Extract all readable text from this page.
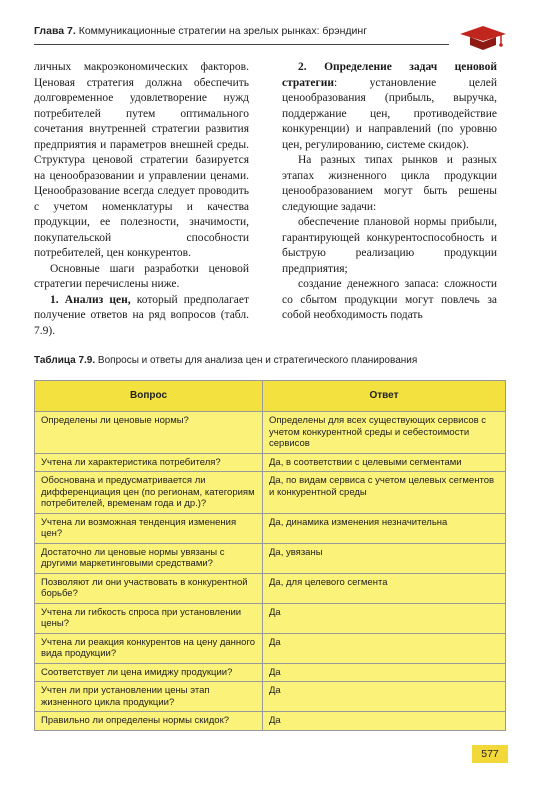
Глава 7. Коммуникационные стратегии на зрелых рынках: брэндинг

личных макроэкономических факторов. Ценовая стратегия должна обеспечить долговременное удовлетворение нужд потребителей путем оптимального сочетания внутренней стратегии развития предприятия и параметров внешней среды. Структура ценовой стратегии базируется на ценообразовании и управлении ценами. Ценообразование всегда следует проводить с учетом номенклатуры и качества продукции, ее полезности, значимости, покупательской способности потребителей, цен конкурентов.

Основные шаги разработки ценовой стратегии перечислены ниже.

1. Анализ цен, который предполагает получение ответов на ряд вопросов (табл. 7.9).

2. Определение задач ценовой стратегии: установление целей ценообразования (прибыль, выручка, поддержание цен, противодействие конкуренции) и направлений (по уровню цен, регулированию, системе скидок).

На разных типах рынков и разных этапах жизненного цикла продукции ценообразованием могут быть решены следующие задачи:

обеспечение плановой нормы прибыли, гарантирующей конкурентоспособность и быструю реализацию продукции предприятия;

создание денежного запаса: сложности со сбытом продукции могут повлечь за собой необходимость подать

Таблица 7.9. Вопросы и ответы для анализа цен и стратегического планирования
Вопрос	Ответ
Определены ли ценовые нормы?	Определены для всех существующих сервисов с учетом конкурентной среды и себестоимости сервисов
Учтена ли характеристика потребителя?	Да, в соответствии с целевыми сегментами
Обоснована и предусматривается ли дифференциация цен (по регионам, категориям потребителей, временам года и др.)?	Да, по видам сервиса с учетом целевых сегментов и конкурентной среды
Учтена ли возможная тенденция изменения цен?	Да, динамика изменения незначительна
Достаточно ли ценовые нормы увязаны с другими маркетинговыми средствами?	Да, увязаны
Позволяют ли они участвовать в конкурентной борьбе?	Да, для целевого сегмента
Учтена ли гибкость спроса при установлении цены?	Да
Учтена ли реакция конкурентов на цену данного вида продукции?	Да
Соответствует ли цена имиджу продукции?	Да
Учтен ли при установлении цены этап жизненного цикла продукции?	Да
Правильно ли определены нормы скидок?	Да
577
